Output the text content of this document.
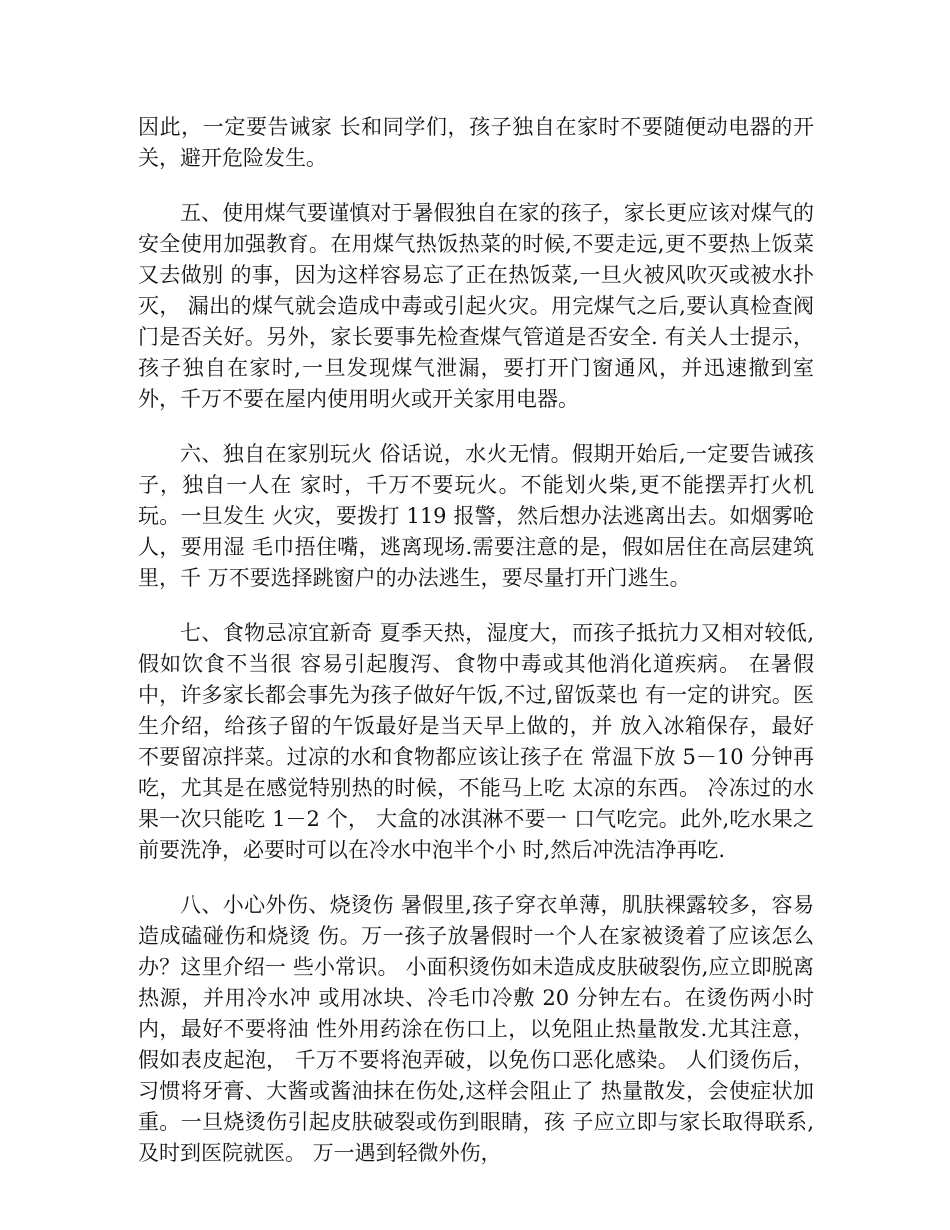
因此，一定要告诫家 长和同学们，孩子独自在家时不要随便动电器的开关，避开危险发生。

五、使用煤气要谨慎对于暑假独自在家的孩子，家长更应该对煤气的安全使用加强教育。在用煤气热饭热菜的时候,不要走远,更不要热上饭菜又去做别 的事，因为这样容易忘了正在热饭菜,一旦火被风吹灭或被水扑灭， 漏出的煤气就会造成中毒或引起火灾。用完煤气之后,要认真检查阀 门是否关好。另外，家长要事先检查煤气管道是否安全. 有关人士提示，孩子独自在家时,一旦发现煤气泄漏，要打开门窗通风，并迅速撤到室外，千万不要在屋内使用明火或开关家用电器。

六、独自在家别玩火 俗话说，水火无情。假期开始后,一定要告诫孩子，独自一人在 家时，千万不要玩火。不能划火柴,更不能摆弄打火机玩。一旦发生 火灾，要拨打 119 报警，然后想办法逃离出去。如烟雾呛人，要用湿 毛巾捂住嘴，逃离现场.需要注意的是，假如居住在高层建筑里，千 万不要选择跳窗户的办法逃生，要尽量打开门逃生。

七、食物忌凉宜新奇 夏季天热，湿度大，而孩子抵抗力又相对较低,假如饮食不当很 容易引起腹泻、食物中毒或其他消化道疾病。 在暑假中，许多家长都会事先为孩子做好午饭,不过,留饭菜也 有一定的讲究。医生介绍，给孩子留的午饭最好是当天早上做的，并 放入冰箱保存，最好不要留凉拌菜。过凉的水和食物都应该让孩子在 常温下放 5－10 分钟再吃，尤其是在感觉特别热的时候，不能马上吃 太凉的东西。 冷冻过的水果一次只能吃 1－2 个， 大盒的冰淇淋不要一 口气吃完。此外,吃水果之前要洗净，必要时可以在冷水中泡半个小 时,然后冲洗洁净再吃.

八、小心外伤、烧烫伤 暑假里,孩子穿衣单薄，肌肤裸露较多，容易造成磕碰伤和烧烫 伤。万一孩子放暑假时一个人在家被烫着了应该怎么办？这里介绍一 些小常识。 小面积烫伤如未造成皮肤破裂伤,应立即脱离热源，并用冷水冲 或用冰块、冷毛巾冷敷 20 分钟左右。在烫伤两小时内，最好不要将油 性外用药涂在伤口上，以免阻止热量散发.尤其注意，假如表皮起泡， 千万不要将泡弄破，以免伤口恶化感染。 人们烫伤后，习惯将牙膏、大酱或酱油抹在伤处,这样会阻止了 热量散发，会使症状加重。一旦烧烫伤引起皮肤破裂或伤到眼睛，孩 子应立即与家长取得联系,及时到医院就医。 万一遇到轻微外伤，
